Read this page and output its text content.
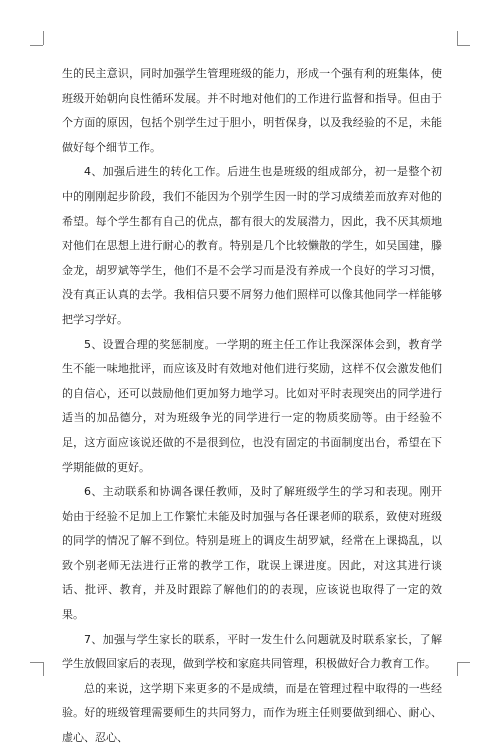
生的民主意识，同时加强学生管理班级的能力，形成一个强有利的班集体，使班级开始朝向良性循环发展。并不时地对他们的工作进行监督和指导。但由于个方面的原因，包括个别学生过于胆小，明哲保身，以及我经验的不足，未能做好每个细节工作。

4、加强后进生的转化工作。后进生也是班级的组成部分，初一是整个初中的刚刚起步阶段，我们不能因为个别学生因一时的学习成绩差而放弃对他的希望。每个学生都有自己的优点，都有很大的发展潜力，因此，我不厌其烦地对他们在思想上进行耐心的教育。特别是几个比较懒散的学生，如吴国建，滕金龙，胡罗斌等学生，他们不是不会学习而是没有养成一个良好的学习习惯，没有真正认真的去学。我相信只要不屑努力他们照样可以像其他同学一样能够把学习学好。

5、设置合理的奖惩制度。一学期的班主任工作让我深深体会到，教育学生不能一味地批评，而应该及时有效地对他们进行奖励，这样不仅会激发他们的自信心，还可以鼓励他们更加努力地学习。比如对平时表现突出的同学进行适当的加品德分，对为班级争光的同学进行一定的物质奖励等。由于经验不足，这方面应该说还做的不是很到位，也没有固定的书面制度出台，希望在下学期能做的更好。

6、主动联系和协调各课任教师，及时了解班级学生的学习和表现。刚开始由于经验不足加上工作繁忙未能及时加强与各任课老师的联系，致使对班级的同学的情况了解不到位。特别是班上的调皮生胡罗斌，经常在上课捣乱，以致个别老师无法进行正常的教学工作，耽误上课进度。因此，对这其进行谈话、批评、教育，并及时跟踪了解他们的的表现，应该说也取得了一定的效果。

7、加强与学生家长的联系，平时一发生什么问题就及时联系家长，了解学生放假回家后的表现，做到学校和家庭共同管理，积极做好合力教育工作。

总的来说，这学期下来更多的不是成绩，而是在管理过程中取得的一些经验。好的班级管理需要师生的共同努力，而作为班主任则要做到细心、耐心、虚心、忍心、
